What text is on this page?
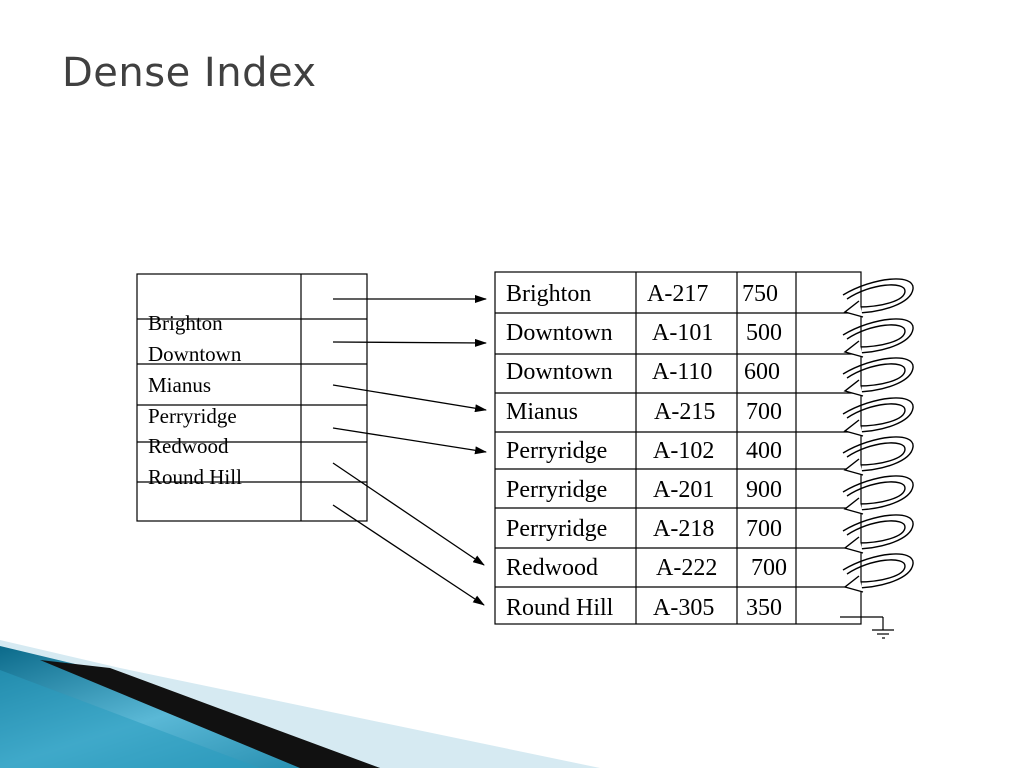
Dense Index
Brighton
Downtown
Mianus
Perryridge
Redwood
Round Hill
Brighton A-217 750
Downtown A-101 500
Downtown A-110 600
Mianus	A-215 700
Perryridge A-102 400
Perryridge A-201 900
Perryridge A-218 700
Redwood A-222 700
Round Hill A-305 350
